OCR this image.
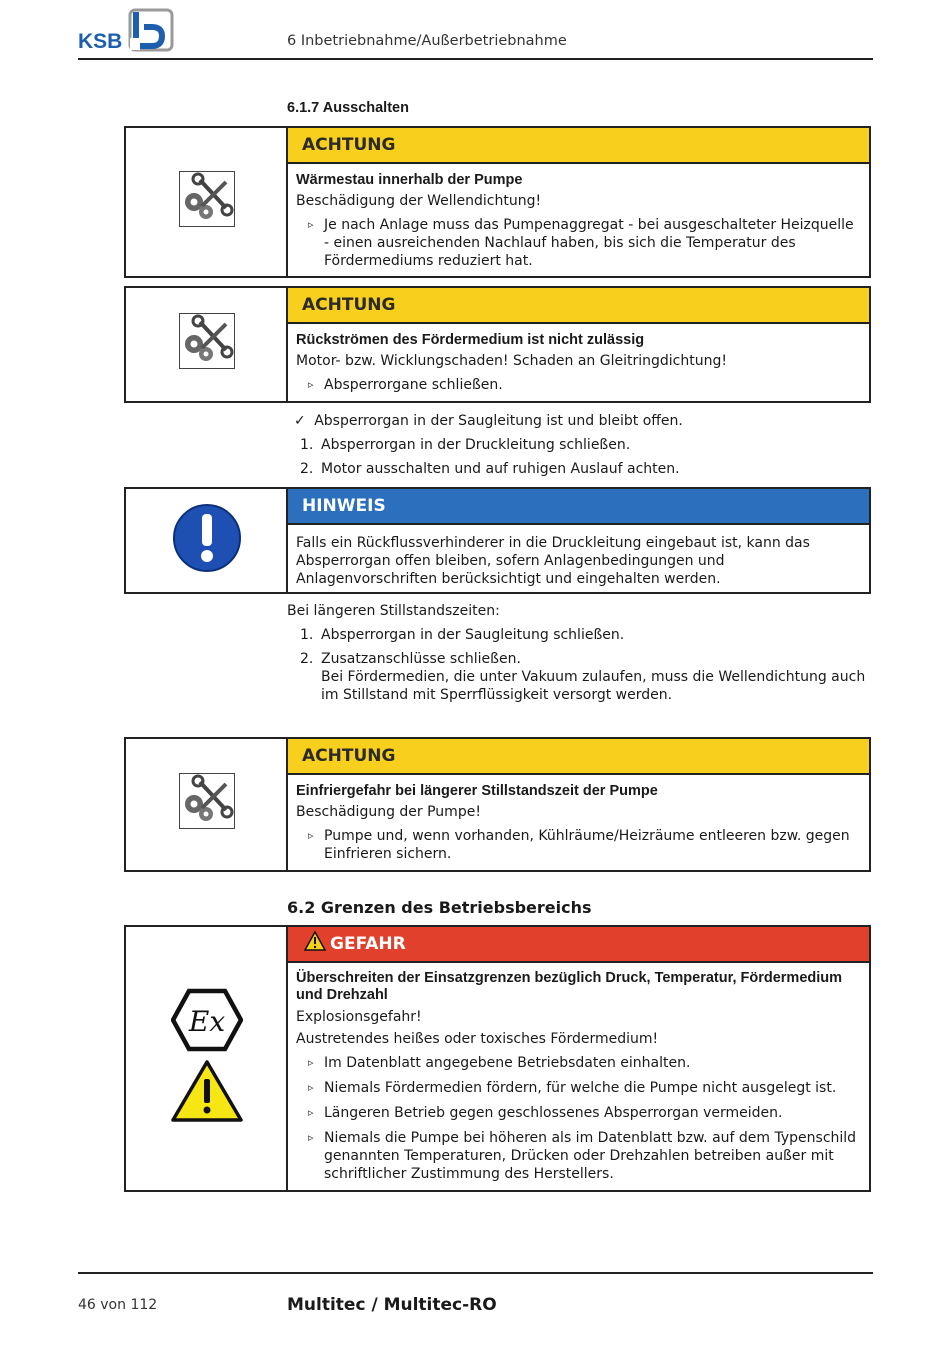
KSB	6 Inbetriebnahme/Außerbetriebnahme
6.1.7 Ausschalten
ACHTUNG
Wärmestau innerhalb der Pumpe
Beschädigung der Wellendichtung!
▹ Je nach Anlage muss das Pumpenaggregat - bei ausgeschalteter Heizquelle - einen ausreichenden Nachlauf haben, bis sich die Temperatur des Fördermediums reduziert hat.
ACHTUNG
Rückströmen des Fördermedium ist nicht zulässig
Motor- bzw. Wicklungschaden! Schaden an Gleitringdichtung!
▹ Absperrorgane schließen.
✓ Absperrorgan in der Saugleitung ist und bleibt offen.
1. Absperrorgan in der Druckleitung schließen.
2. Motor ausschalten und auf ruhigen Auslauf achten.
HINWEIS
Falls ein Rückflussverhinderer in die Druckleitung eingebaut ist, kann das Absperrorgan offen bleiben, sofern Anlagenbedingungen und Anlagenvorschriften berücksichtigt und eingehalten werden.
Bei längeren Stillstandszeiten:
1. Absperrorgan in der Saugleitung schließen.
2. Zusatzanschlüsse schließen.
Bei Fördermedien, die unter Vakuum zulaufen, muss die Wellendichtung auch im Stillstand mit Sperrflüssigkeit versorgt werden.
ACHTUNG
Einfriergefahr bei längerer Stillstandszeit der Pumpe
Beschädigung der Pumpe!
▹ Pumpe und, wenn vorhanden, Kühlräume/Heizräume entleeren bzw. gegen Einfrieren sichern.
6.2 Grenzen des Betriebsbereichs
Ex
GEFAHR
Überschreiten der Einsatzgrenzen bezüglich Druck, Temperatur, Fördermedium und Drehzahl
Explosionsgefahr!
Austretendes heißes oder toxisches Fördermedium!
▹ Im Datenblatt angegebene Betriebsdaten einhalten.
▹ Niemals Fördermedien fördern, für welche die Pumpe nicht ausgelegt ist.
▹ Längeren Betrieb gegen geschlossenes Absperrorgan vermeiden.
▹ Niemals die Pumpe bei höheren als im Datenblatt bzw. auf dem Typenschild genannten Temperaturen, Drücken oder Drehzahlen betreiben außer mit schriftlicher Zustimmung des Herstellers.
46 von 112	Multitec / Multitec-RO
